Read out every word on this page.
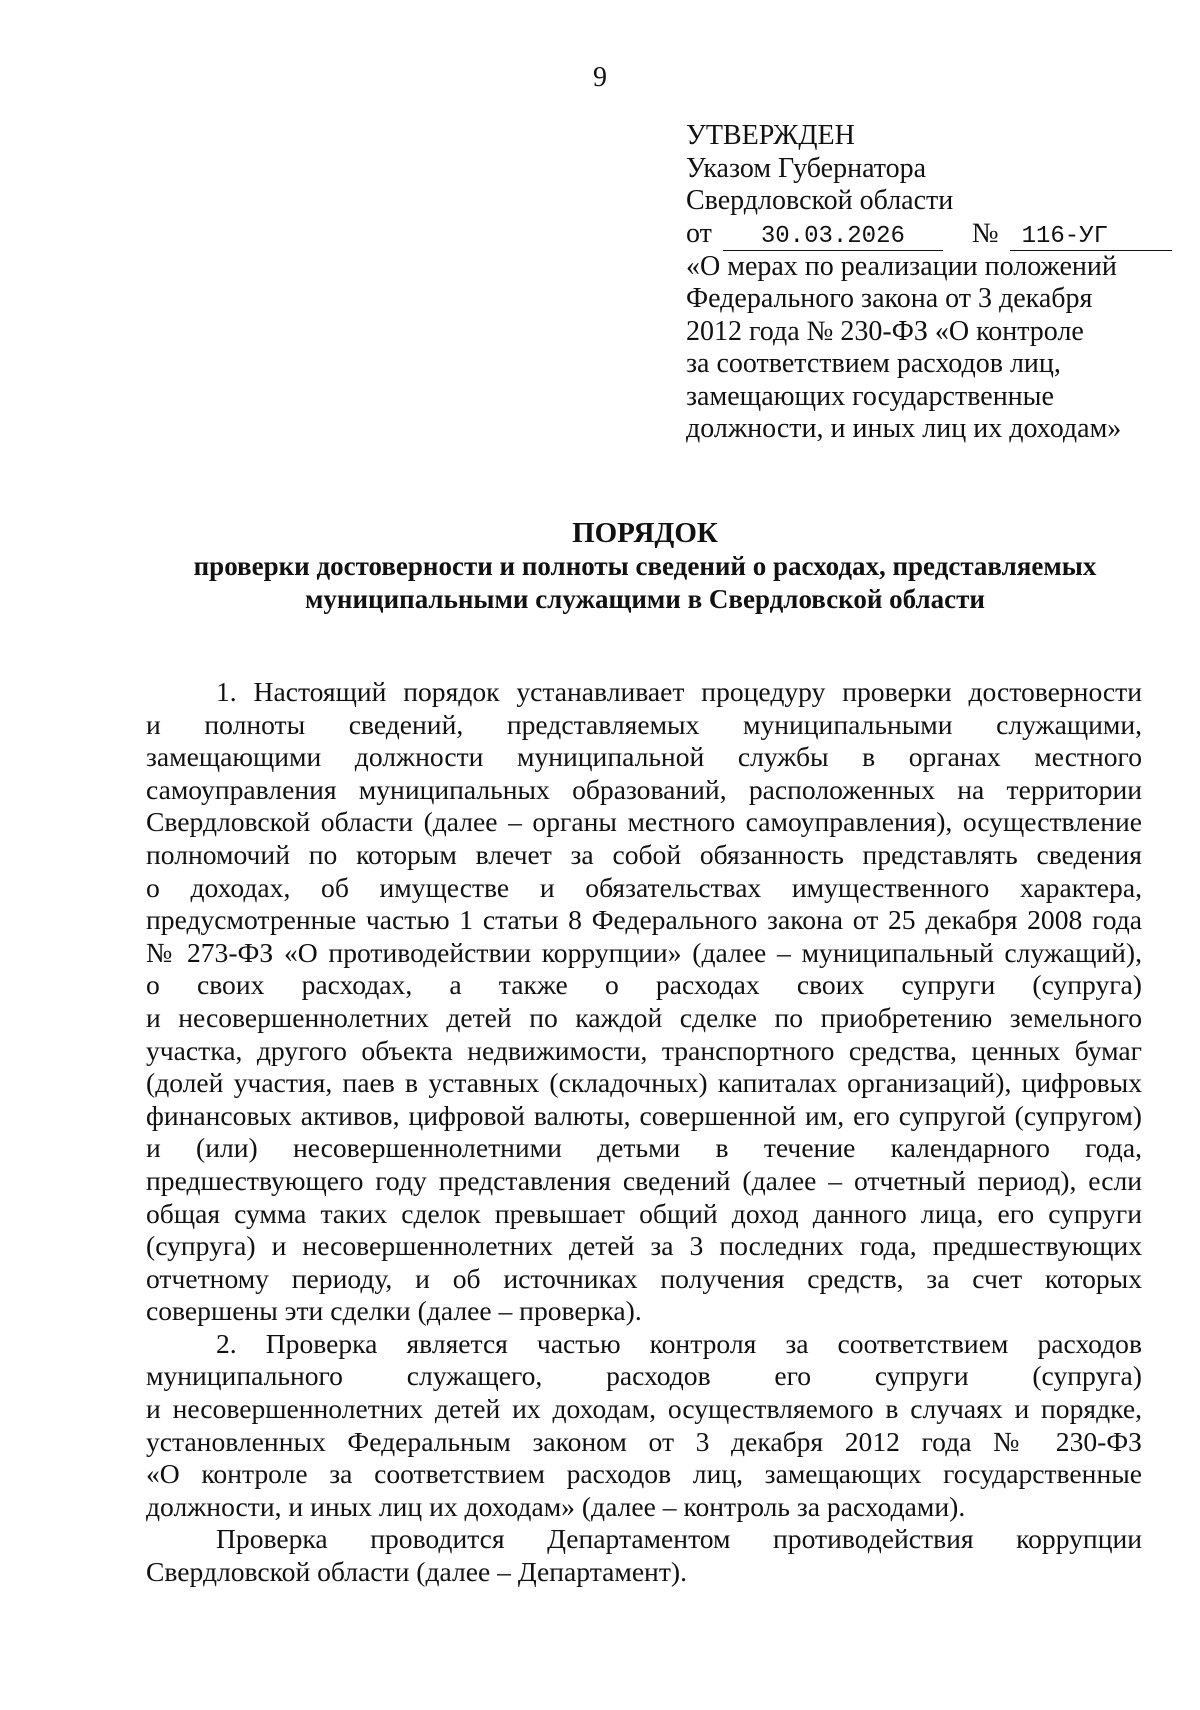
9
УТВЕРЖДЕН
Указом Губернатора
Свердловской области
от 30.03.2026 № 116-УГ
«О мерах по реализации положений
Федерального закона от 3 декабря
2012 года № 230-ФЗ «О контроле
за соответствием расходов лиц,
замещающих государственные
должности, и иных лиц их доходам»
ПОРЯДОК
проверки достоверности и полноты сведений о расходах, представляемых
муниципальными служащими в Свердловской области
1. Настоящий порядок устанавливает процедуру проверки достоверности
и полноты сведений, представляемых муниципальными служащими,
замещающими должности муниципальной службы в органах местного
самоуправления муниципальных образований, расположенных на территории
Свердловской области (далее – органы местного самоуправления), осуществление
полномочий по которым влечет за собой обязанность представлять сведения
о доходах, об имуществе и обязательствах имущественного характера,
предусмотренные частью 1 статьи 8 Федерального закона от 25 декабря 2008 года
№ 273-ФЗ «О противодействии коррупции» (далее – муниципальный служащий),
о своих расходах, а также о расходах своих супруги (супруга)
и несовершеннолетних детей по каждой сделке по приобретению земельного
участка, другого объекта недвижимости, транспортного средства, ценных бумаг
(долей участия, паев в уставных (складочных) капиталах организаций), цифровых
финансовых активов, цифровой валюты, совершенной им, его супругой (супругом)
и (или) несовершеннолетними детьми в течение календарного года,
предшествующего году представления сведений (далее – отчетный период), если
общая сумма таких сделок превышает общий доход данного лица, его супруги
(супруга) и несовершеннолетних детей за 3 последних года, предшествующих
отчетному периоду, и об источниках получения средств, за счет которых
совершены эти сделки (далее – проверка).
2. Проверка является частью контроля за соответствием расходов
муниципального служащего, расходов его супруги (супруга)
и несовершеннолетних детей их доходам, осуществляемого в случаях и порядке,
установленных Федеральным законом от 3 декабря 2012 года № 230-ФЗ
«О контроле за соответствием расходов лиц, замещающих государственные
должности, и иных лиц их доходам» (далее – контроль за расходами).
Проверка проводится Департаментом противодействия коррупции
Свердловской области (далее – Департамент).
